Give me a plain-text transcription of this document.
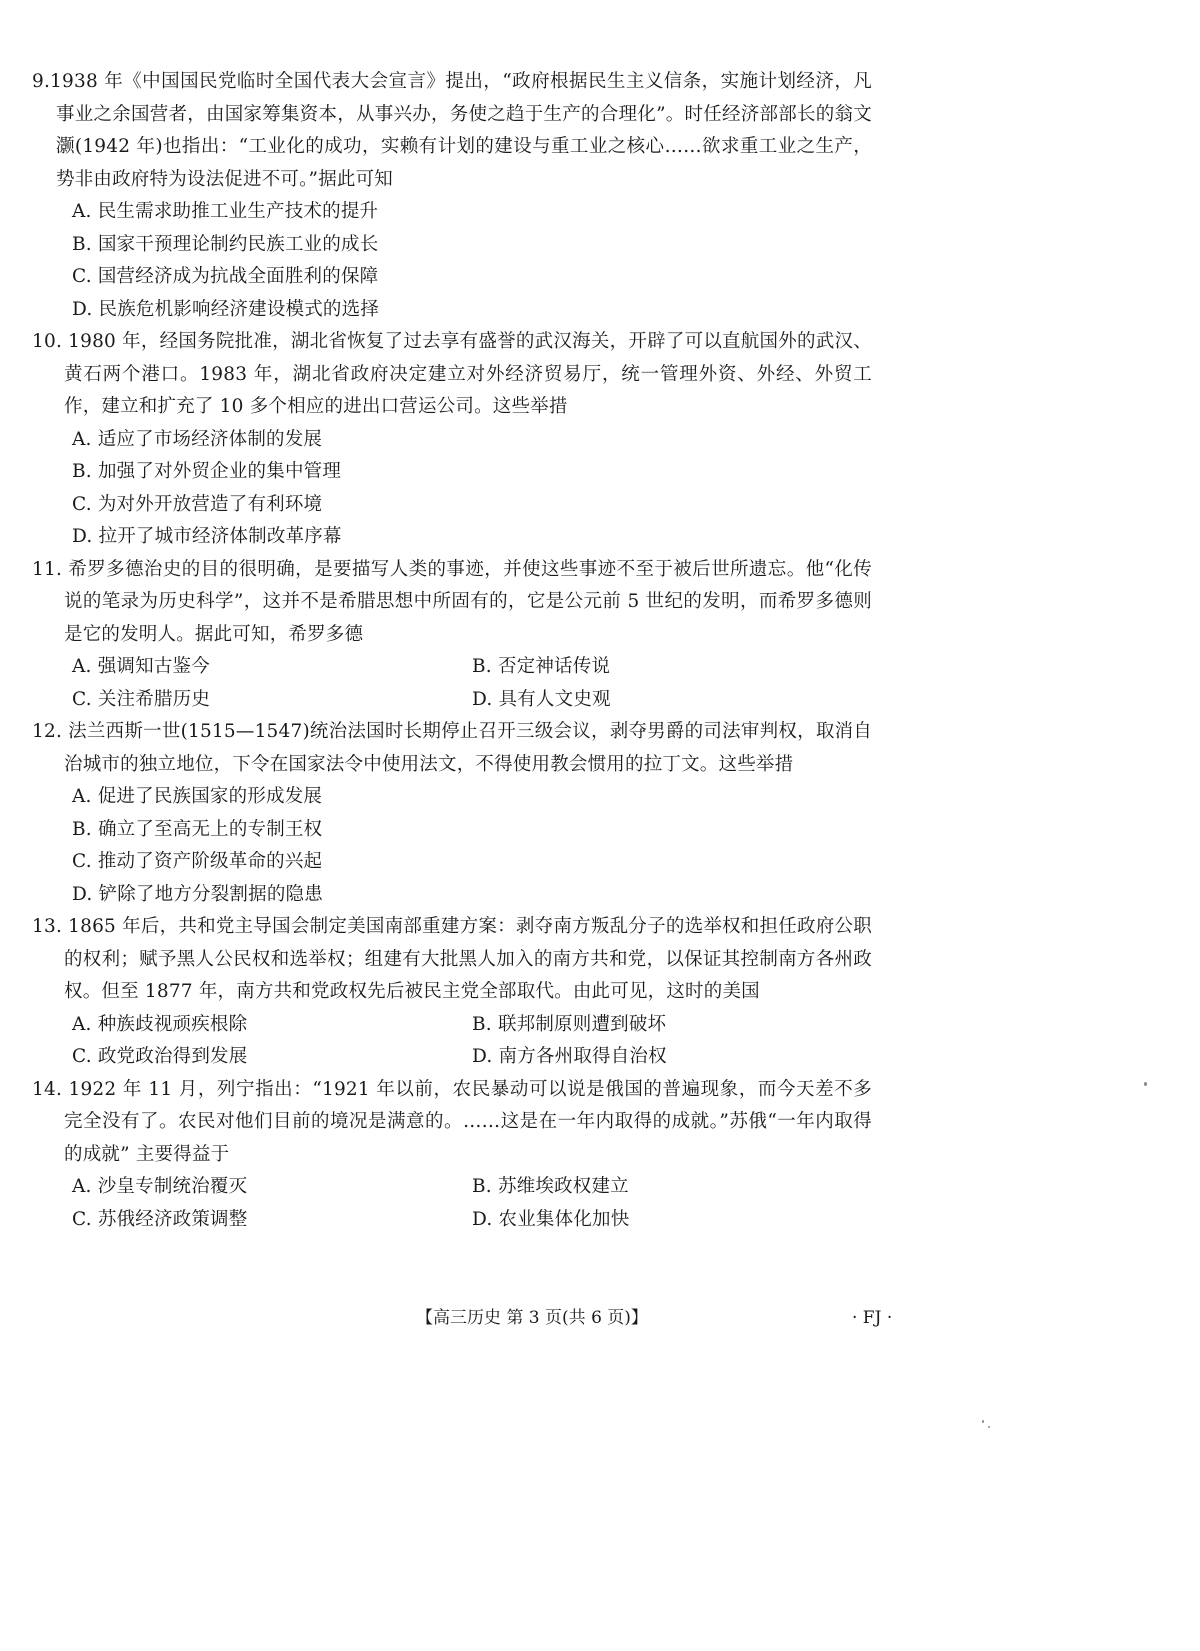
9.1938 年《中国国民党临时全国代表大会宣言》提出，“政府根据民生主义信条，实施计划经济，凡事业之余国营者，由国家筹集资本，从事兴办，务使之趋于生产的合理化”。时任经济部部长的翁文灏(1942 年)也指出：“工业化的成功，实赖有计划的建设与重工业之核心……欲求重工业之生产，势非由政府特为设法促进不可。”据此可知

A. 民生需求助推工业生产技术的提升
B. 国家干预理论制约民族工业的成长
C. 国营经济成为抗战全面胜利的保障
D. 民族危机影响经济建设模式的选择

10. 1980 年，经国务院批准，湖北省恢复了过去享有盛誉的武汉海关，开辟了可以直航国外的武汉、黄石两个港口。1983 年，湖北省政府决定建立对外经济贸易厅，统一管理外资、外经、外贸工作，建立和扩充了 10 多个相应的进出口营运公司。这些举措

A. 适应了市场经济体制的发展
B. 加强了对外贸企业的集中管理
C. 为对外开放营造了有利环境
D. 拉开了城市经济体制改革序幕

11. 希罗多德治史的目的很明确，是要描写人类的事迹，并使这些事迹不至于被后世所遗忘。他“化传说的笔录为历史科学”，这并不是希腊思想中所固有的，它是公元前 5 世纪的发明，而希罗多德则是它的发明人。据此可知，希罗多德

A. 强调知古鉴今	B. 否定神话传说
C. 关注希腊历史	D. 具有人文史观

12. 法兰西斯一世(1515—1547)统治法国时长期停止召开三级会议，剥夺男爵的司法审判权，取消自治城市的独立地位，下令在国家法令中使用法文，不得使用教会惯用的拉丁文。这些举措

A. 促进了民族国家的形成发展
B. 确立了至高无上的专制王权
C. 推动了资产阶级革命的兴起
D. 铲除了地方分裂割据的隐患

13. 1865 年后，共和党主导国会制定美国南部重建方案：剥夺南方叛乱分子的选举权和担任政府公职的权利；赋予黑人公民权和选举权；组建有大批黑人加入的南方共和党，以保证其控制南方各州政权。但至 1877 年，南方共和党政权先后被民主党全部取代。由此可见，这时的美国

A. 种族歧视顽疾根除	B. 联邦制原则遭到破坏
C. 政党政治得到发展	D. 南方各州取得自治权

14. 1922 年 11 月，列宁指出：“1921 年以前，农民暴动可以说是俄国的普遍现象，而今天差不多完全没有了。农民对他们目前的境况是满意的。……这是在一年内取得的成就。”苏俄“一年内取得的成就” 主要得益于

A. 沙皇专制统治覆灭	B. 苏维埃政权建立
C. 苏俄经济政策调整	D. 农业集体化加快
【高三历史 第 3 页(共 6 页)】	· FJ ·
